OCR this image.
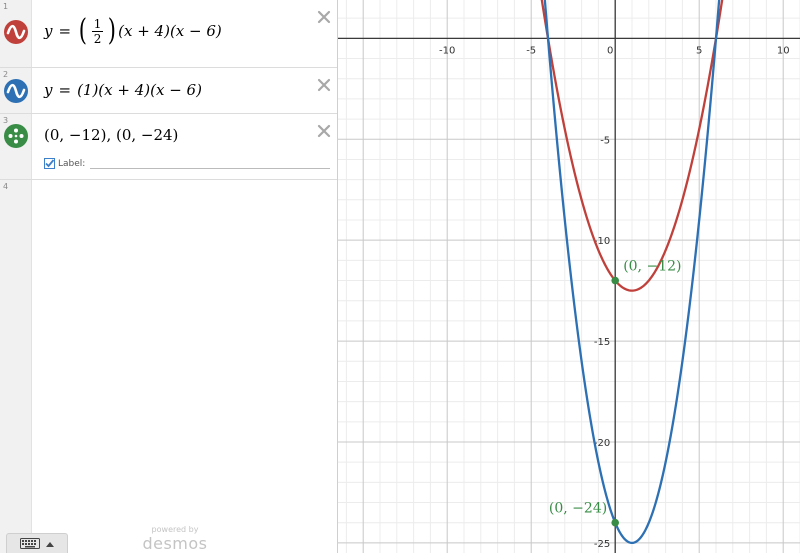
1
y = ( $\frac{1}{2}$ ) (x + 4)(x − 6)
2
y = (1)(x + 4)(x − 6)
3
(0, −12), (0, −24)
Label:
4
powered by
desmos
-10	-5	0	5	10
-5
-10
-15
-20
-25
(0, −12)
(0, −24)
